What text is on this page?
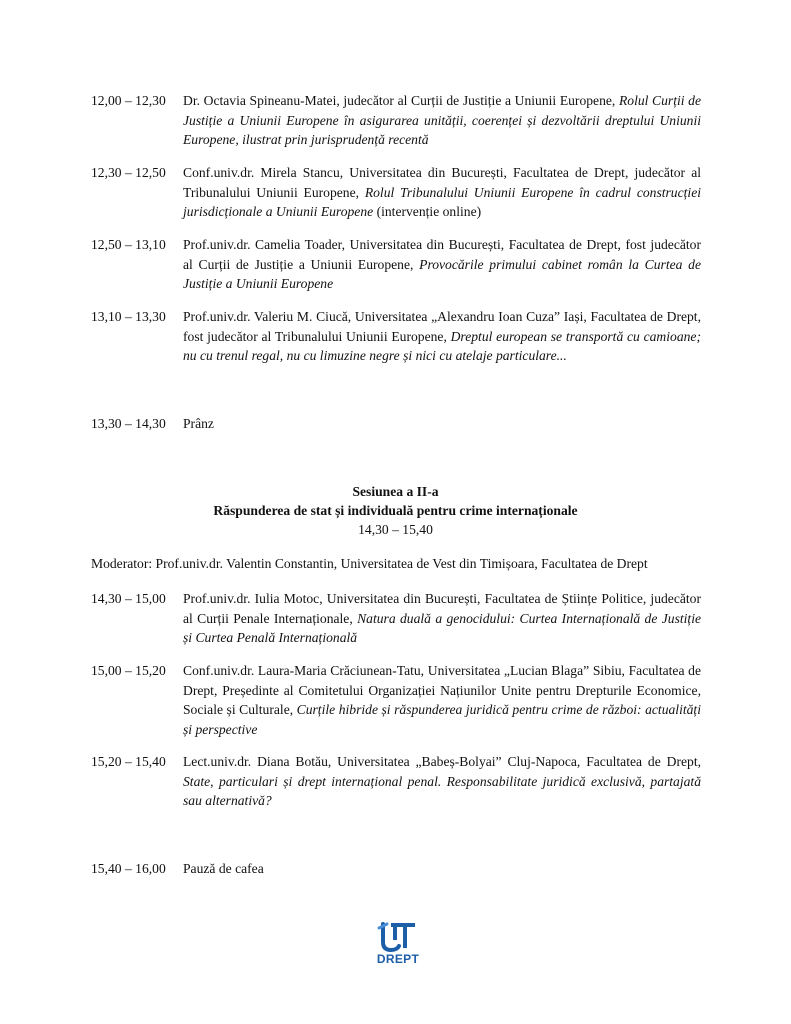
12,00 – 12,30	Dr. Octavia Spineanu-Matei, judecător al Curții de Justiție a Uniunii Europene, Rolul Curții de Justiție a Uniunii Europene în asigurarea unității, coerenței și dezvoltării dreptului Uniunii Europene, ilustrat prin jurisprudență recentă
12,30 – 12,50	Conf.univ.dr. Mirela Stancu, Universitatea din București, Facultatea de Drept, judecător al Tribunalului Uniunii Europene, Rolul Tribunalului Uniunii Europene în cadrul construcției jurisdicționale a Uniunii Europene (intervenție online)
12,50 – 13,10	Prof.univ.dr. Camelia Toader, Universitatea din București, Facultatea de Drept, fost judecător al Curții de Justiție a Uniunii Europene, Provocările primului cabinet român la Curtea de Justiție a Uniunii Europene
13,10 – 13,30	Prof.univ.dr. Valeriu M. Ciucă, Universitatea „Alexandru Ioan Cuza” Iași, Facultatea de Drept, fost judecător al Tribunalului Uniunii Europene, Dreptul european se transportă cu camioane; nu cu trenul regal, nu cu limuzine negre și nici cu atelaje particulare...
13,30 – 14,30	Prânz
Sesiunea a II-a
Răspunderea de stat și individuală pentru crime internaționale
14,30 – 15,40
Moderator: Prof.univ.dr. Valentin Constantin, Universitatea de Vest din Timișoara, Facultatea de Drept
14,30 – 15,00	Prof.univ.dr. Iulia Motoc, Universitatea din București, Facultatea de Științe Politice, judecător al Curții Penale Internaționale, Natura duală a genocidului: Curtea Internațională de Justiție și Curtea Penală Internațională
15,00 – 15,20	Conf.univ.dr. Laura-Maria Crăciunean-Tatu, Universitatea „Lucian Blaga” Sibiu, Facultatea de Drept, Președinte al Comitetului Organizației Națiunilor Unite pentru Drepturile Economice, Sociale și Culturale, Curțile hibride și răspunderea juridică pentru crime de război: actualități și perspective
15,20 – 15,40	Lect.univ.dr. Diana Botău, Universitatea „Babeș-Bolyai” Cluj-Napoca, Facultatea de Drept, State, particulari și drept internațional penal. Responsabilitate juridică exclusivă, partajată sau alternativă?
15,40 – 16,00	Pauză de cafea
DREPT
